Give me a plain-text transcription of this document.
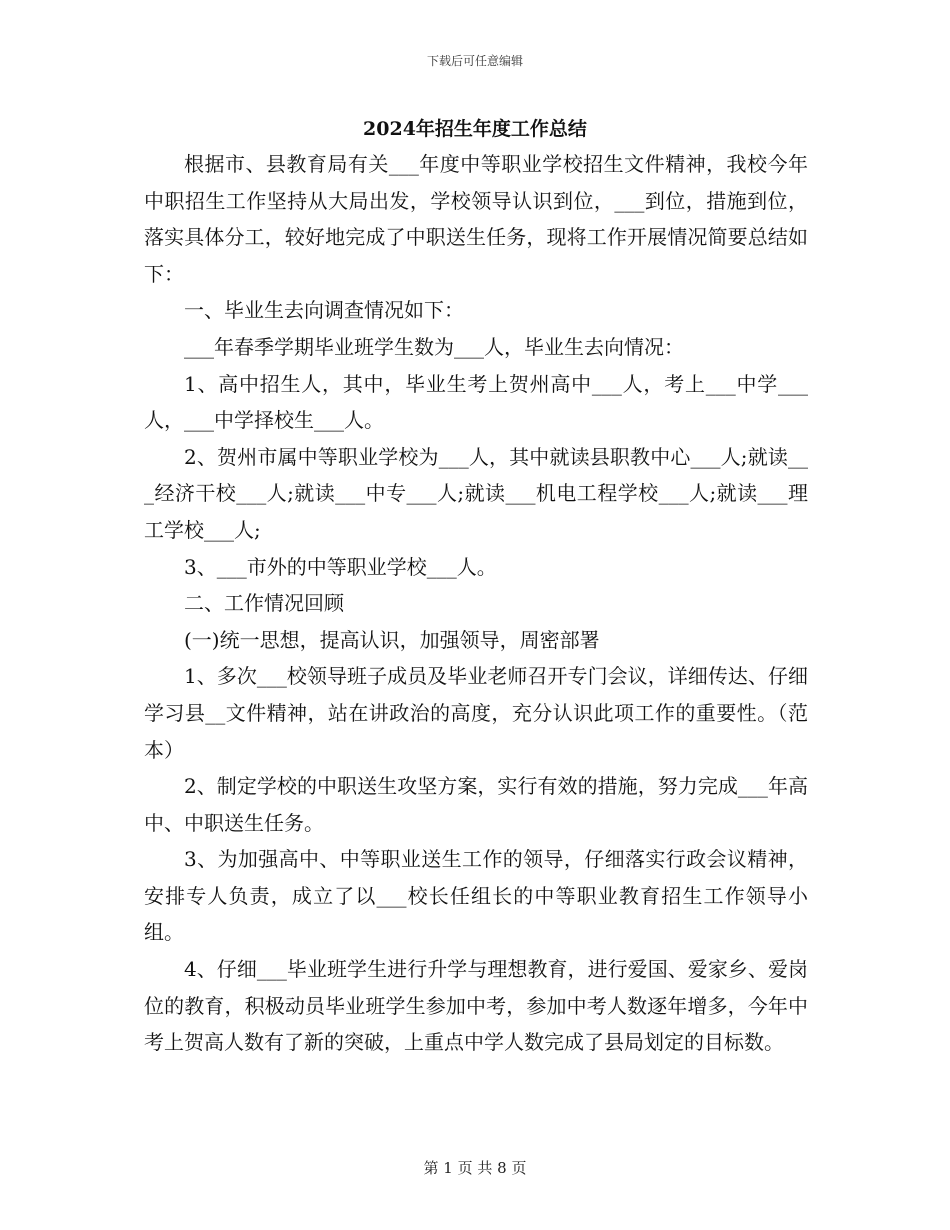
下载后可任意编辑
2024年招生年度工作总结

根据市、县教育局有关___年度中等职业学校招生文件精神，我校今年中职招生工作坚持从大局出发，学校领导认识到位，___到位，措施到位，落实具体分工，较好地完成了中职送生任务，现将工作开展情况简要总结如下：

一、毕业生去向调查情况如下：

___年春季学期毕业班学生数为___人，毕业生去向情况：

1、高中招生人，其中，毕业生考上贺州高中___人，考上___中学___人，___中学择校生___人。

2、贺州市属中等职业学校为___人，其中就读县职教中心___人;就读___经济干校___人;就读___中专___人;就读___机电工程学校___人;就读___理工学校___人;

3、___市外的中等职业学校___人。

二、工作情况回顾

(一)统一思想，提高认识，加强领导，周密部署

1、多次___校领导班子成员及毕业老师召开专门会议，详细传达、仔细学习县__文件精神，站在讲政治的高度，充分认识此项工作的重要性。（范本）

2、制定学校的中职送生攻坚方案，实行有效的措施，努力完成___年高中、中职送生任务。

3、为加强高中、中等职业送生工作的领导，仔细落实行政会议精神，安排专人负责，成立了以___校长任组长的中等职业教育招生工作领导小组。

4、仔细___毕业班学生进行升学与理想教育，进行爱国、爱家乡、爱岗位的教育，积极动员毕业班学生参加中考，参加中考人数逐年增多，今年中考上贺高人数有了新的突破，上重点中学人数完成了县局划定的目标数。

第 1 页 共 8 页
